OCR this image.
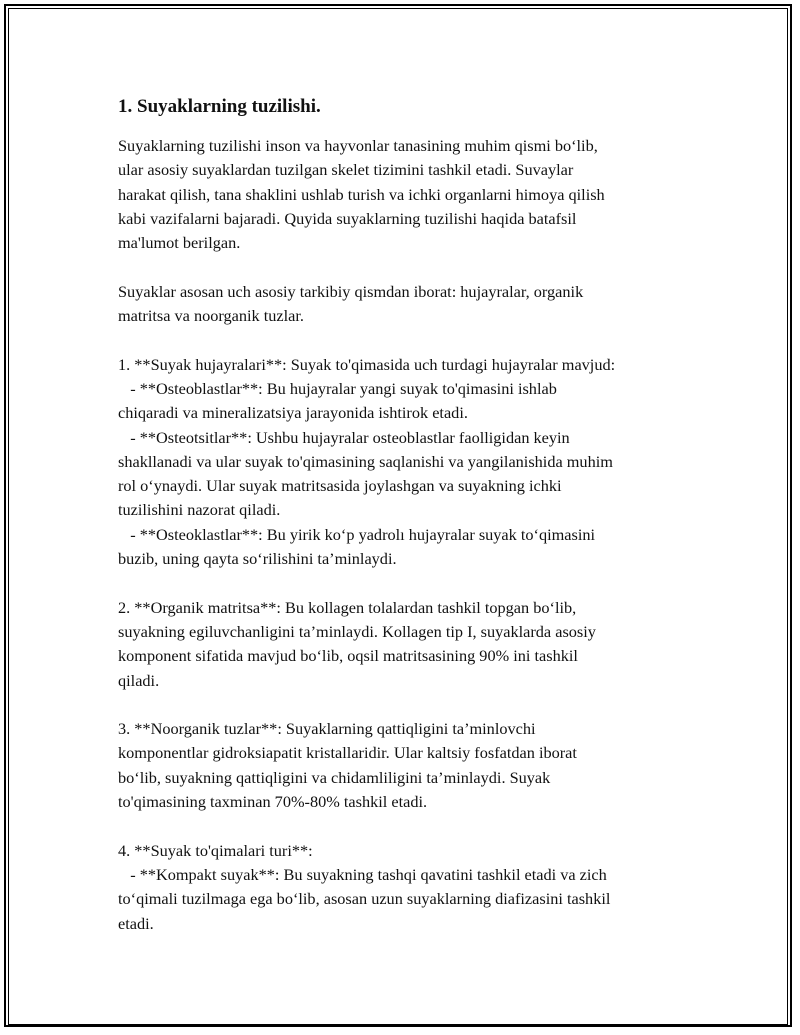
1. Suyaklarning tuzilishi.
Suyaklarning tuzilishi inson va hayvonlar tanasining muhim qismi bo‘lib,
ular asosiy suyaklardan tuzilgan skelet tizimini tashkil etadi. Suvaylar
harakat qilish, tana shaklini ushlab turish va ichki organlarni himoya qilish
kabi vazifalarni bajaradi. Quyida suyaklarning tuzilishi haqida batafsil
ma'lumot berilgan.
Suyaklar asosan uch asosiy tarkibiy qismdan iborat: hujayralar, organik
matritsa va noorganik tuzlar.
1. **Suyak hujayralari**: Suyak to'qimasida uch turdagi hujayralar mavjud:
- **Osteoblastlar**: Bu hujayralar yangi suyak to'qimasini ishlab
chiqaradi va mineralizatsiya jarayonida ishtirok etadi.
- **Osteotsitlar**: Ushbu hujayralar osteoblastlar faolligidan keyin
shakllanadi va ular suyak to'qimasining saqlanishi va yangilanishida muhim
rol o‘ynaydi. Ular suyak matritsasida joylashgan va suyakning ichki
tuzilishini nazorat qiladi.
- **Osteoklastlar**: Bu yirik ko‘p yadrolı hujayralar suyak to‘qimasini
buzib, uning qayta so‘rilishini ta’minlaydi.
2. **Organik matritsa**: Bu kollagen tolalardan tashkil topgan bo‘lib,
suyakning egiluvchanligini ta’minlaydi. Kollagen tip I, suyaklarda asosiy
komponent sifatida mavjud bo‘lib, oqsil matritsasining 90% ini tashkil
qiladi.
3. **Noorganik tuzlar**: Suyaklarning qattiqligini ta’minlovchi
komponentlar gidroksiapatit kristallaridir. Ular kaltsiy fosfatdan iborat
bo‘lib, suyakning qattiqligini va chidamliligini ta’minlaydi. Suyak
to'qimasining taxminan 70%-80% tashkil etadi.
4. **Suyak to'qimalari turi**:
- **Kompakt suyak**: Bu suyakning tashqi qavatini tashkil etadi va zich
to‘qimali tuzilmaga ega bo‘lib, asosan uzun suyaklarning diafizasini tashkil
etadi.
